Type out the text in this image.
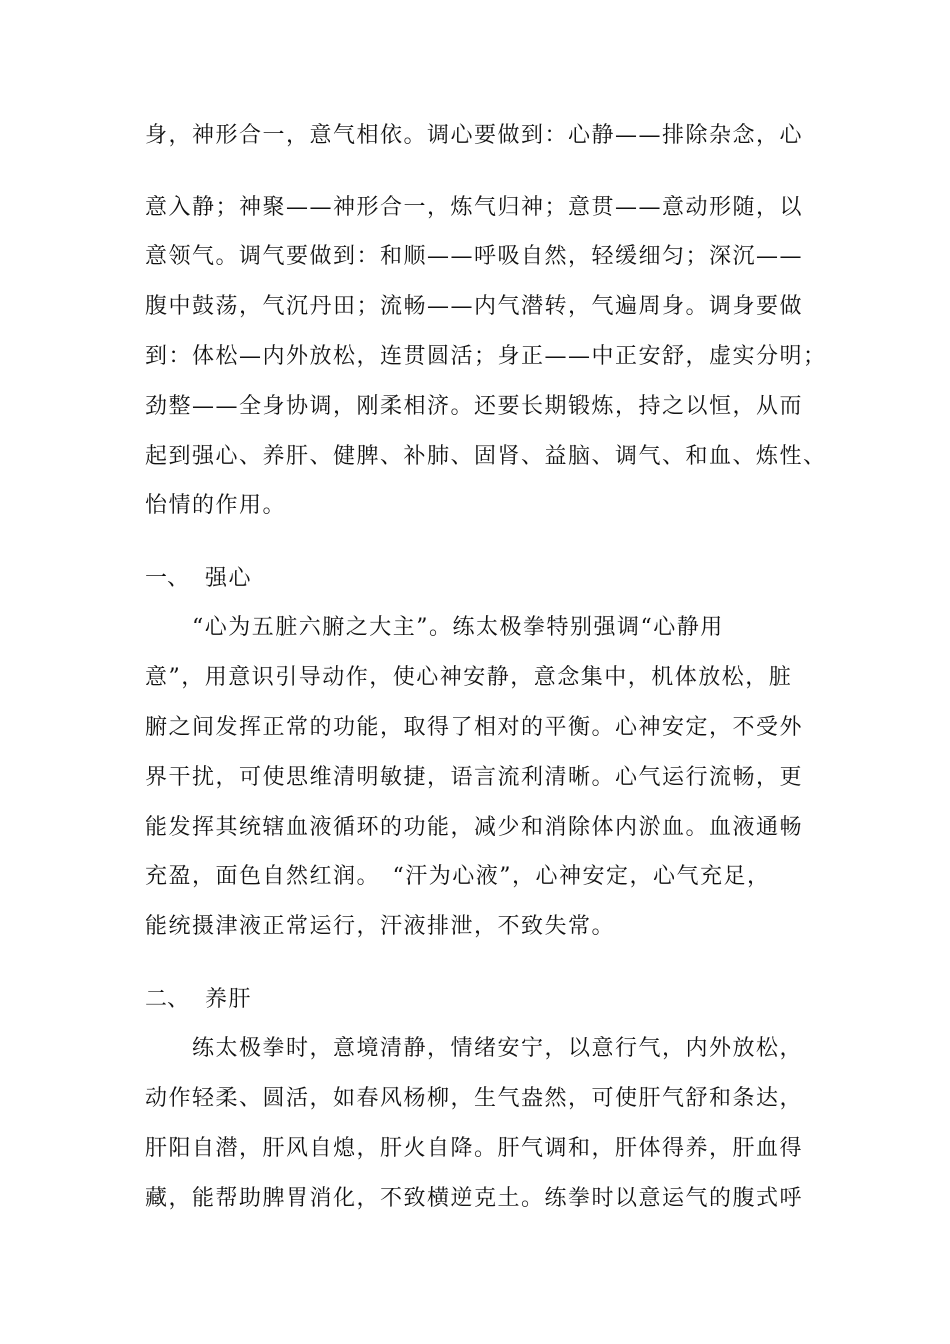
身，神形合一，意气相依。调心要做到：心静——排除杂念，心
意入静；神聚——神形合一，炼气归神；意贯——意动形随，以
意领气。调气要做到：和顺——呼吸自然，轻缓细匀；深沉——
腹中鼓荡，气沉丹田；流畅——内气潜转，气遍周身。调身要做
到：体松—内外放松，连贯圆活；身正——中正安舒，虚实分明；
劲整——全身协调，刚柔相济。还要长期锻炼，持之以恒，从而
起到强心、养肝、健脾、补肺、固肾、益脑、调气、和血、炼性、
怡情的作用。
一、 强心
“心为五脏六腑之大主”。练太极拳特别强调“心静用
意”，用意识引导动作，使心神安静，意念集中，机体放松，脏
腑之间发挥正常的功能，取得了相对的平衡。心神安定，不受外
界干扰，可使思维清明敏捷，语言流利清晰。心气运行流畅，更
能发挥其统辖血液循环的功能，减少和消除体内淤血。血液通畅
充盈，面色自然红润。　“汗为心液”，心神安定，心气充足，
能统摄津液正常运行，汗液排泄，不致失常。
二、 养肝
练太极拳时，意境清静，情绪安宁，以意行气，内外放松，
动作轻柔、圆活，如春风杨柳，生气盎然，可使肝气舒和条达，
肝阳自潜，肝风自熄，肝火自降。肝气调和，肝体得养，肝血得
藏，能帮助脾胃消化，不致横逆克土。练拳时以意运气的腹式呼
